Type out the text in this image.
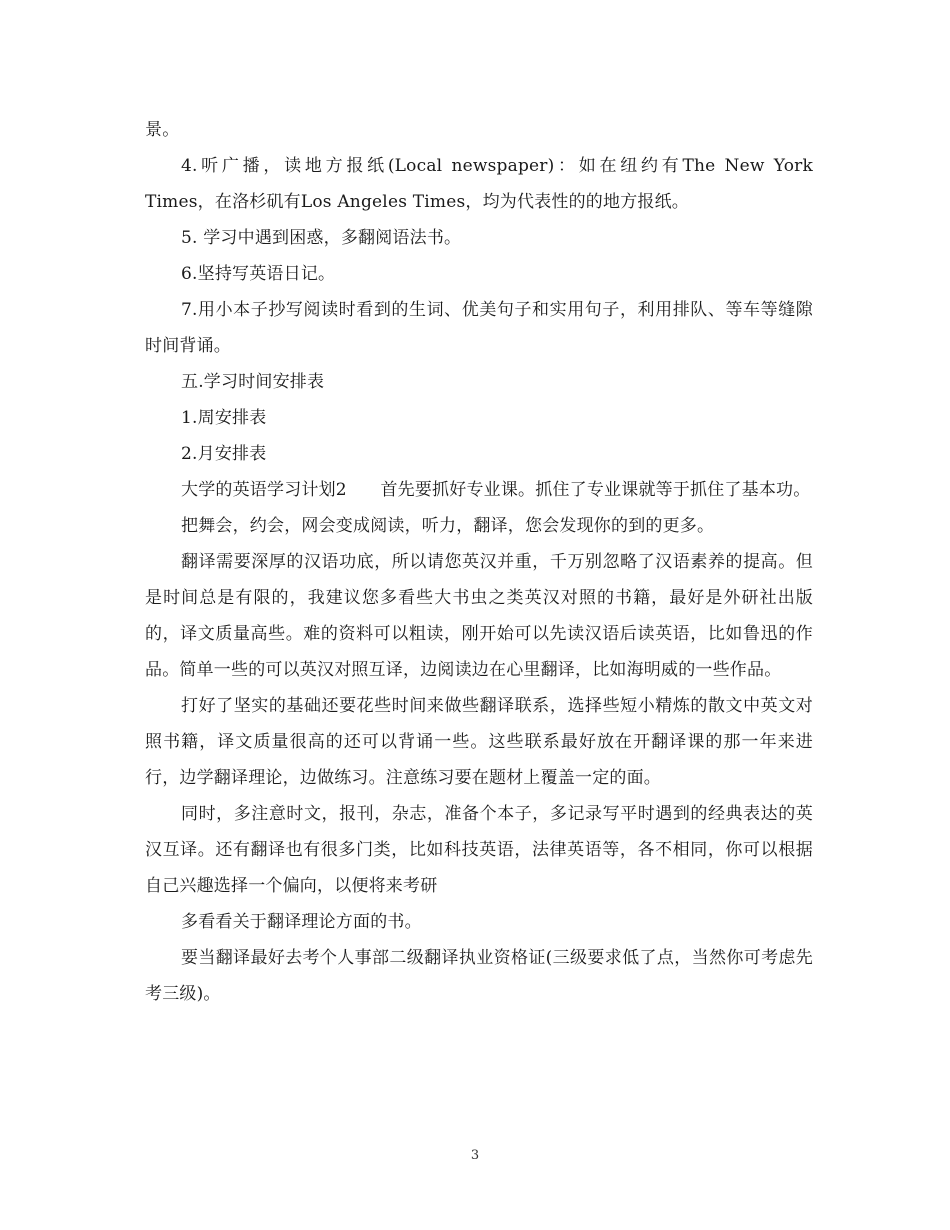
景。

4.听广播，读地方报纸(Local newspaper)：如在纽约有The New York Times，在洛杉矶有Los Angeles Times，均为代表性的的地方报纸。

5. 学习中遇到困惑，多翻阅语法书。

6.坚持写英语日记。

7.用小本子抄写阅读时看到的生词、优美句子和实用句子，利用排队、等车等缝隙时间背诵。

五.学习时间安排表

1.周安排表

2.月安排表

大学的英语学习计划2      首先要抓好专业课。抓住了专业课就等于抓住了基本功。

把舞会，约会，网会变成阅读，听力，翻译，您会发现你的到的更多。

翻译需要深厚的汉语功底，所以请您英汉并重，千万别忽略了汉语素养的提高。但是时间总是有限的，我建议您多看些大书虫之类英汉对照的书籍，最好是外研社出版的，译文质量高些。难的资料可以粗读，刚开始可以先读汉语后读英语，比如鲁迅的作品。简单一些的可以英汉对照互译，边阅读边在心里翻译，比如海明威的一些作品。

打好了坚实的基础还要花些时间来做些翻译联系，选择些短小精炼的散文中英文对照书籍，译文质量很高的还可以背诵一些。这些联系最好放在开翻译课的那一年来进行，边学翻译理论，边做练习。注意练习要在题材上覆盖一定的面。

同时，多注意时文，报刊，杂志，准备个本子，多记录写平时遇到的经典表达的英汉互译。还有翻译也有很多门类，比如科技英语，法律英语等，各不相同，你可以根据自己兴趣选择一个偏向，以便将来考研

多看看关于翻译理论方面的书。

要当翻译最好去考个人事部二级翻译执业资格证(三级要求低了点，当然你可考虑先考三级)。

3
